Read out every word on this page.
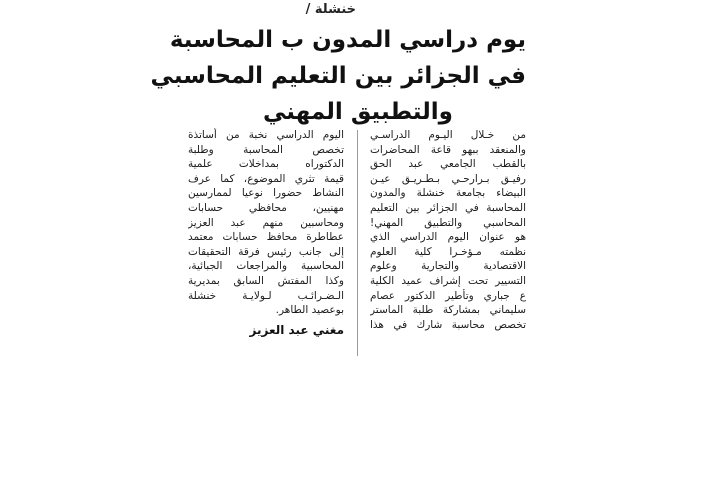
خنشلة /
يوم دراسي المدون ب المحاسبة
في الجزائر بين التعليم المحاسبي
والتطبيق المهني
من خـلال اليـوم الدراسـي
والمنعقد ببهو قاعة المحاضرات
بالقطب الجامعي عبد الحق
رفيـق بـرارحـي بـطـريـق عيـن
البيضاء بجامعة خنشلة والمدون
المحاسبة في الجزائر بين التعليم
المحاسبي والتطبيق المهني!
هو عنوان اليوم الدراسي الذي
نظمته مـؤخـرا كلية العلوم
الاقتصادية والتجارية وعلوم
التسيير تحت إشراف عميد الكلية
ع جباري وتأطير الدكتور عصام
سليماني بمشاركة طلبة الماستر
تخصص محاسبة شارك في هذا
اليوم الدراسي نخبة من أساتذة
تخصص المحاسبة وطلبة
الدكتوراه بمداخلات علمية
قيمة تثري الموضوع، كما عرف
النشاط حضورا نوعيا لممارسين
مهنيين، محافظي حسابات
ومحاسبين منهم عبد العزيز
عطاطرة محافظ حسابات معتمد
إلى جانب رئيس فرقة التحقيقات
المحاسبية والمراجعات الجبائية،
وكذا المفتش السابق بمديرية
الـضـرائـب لـولايـة خنشلة
بوعصيد الطاهر.
مغني عبد العزيز
